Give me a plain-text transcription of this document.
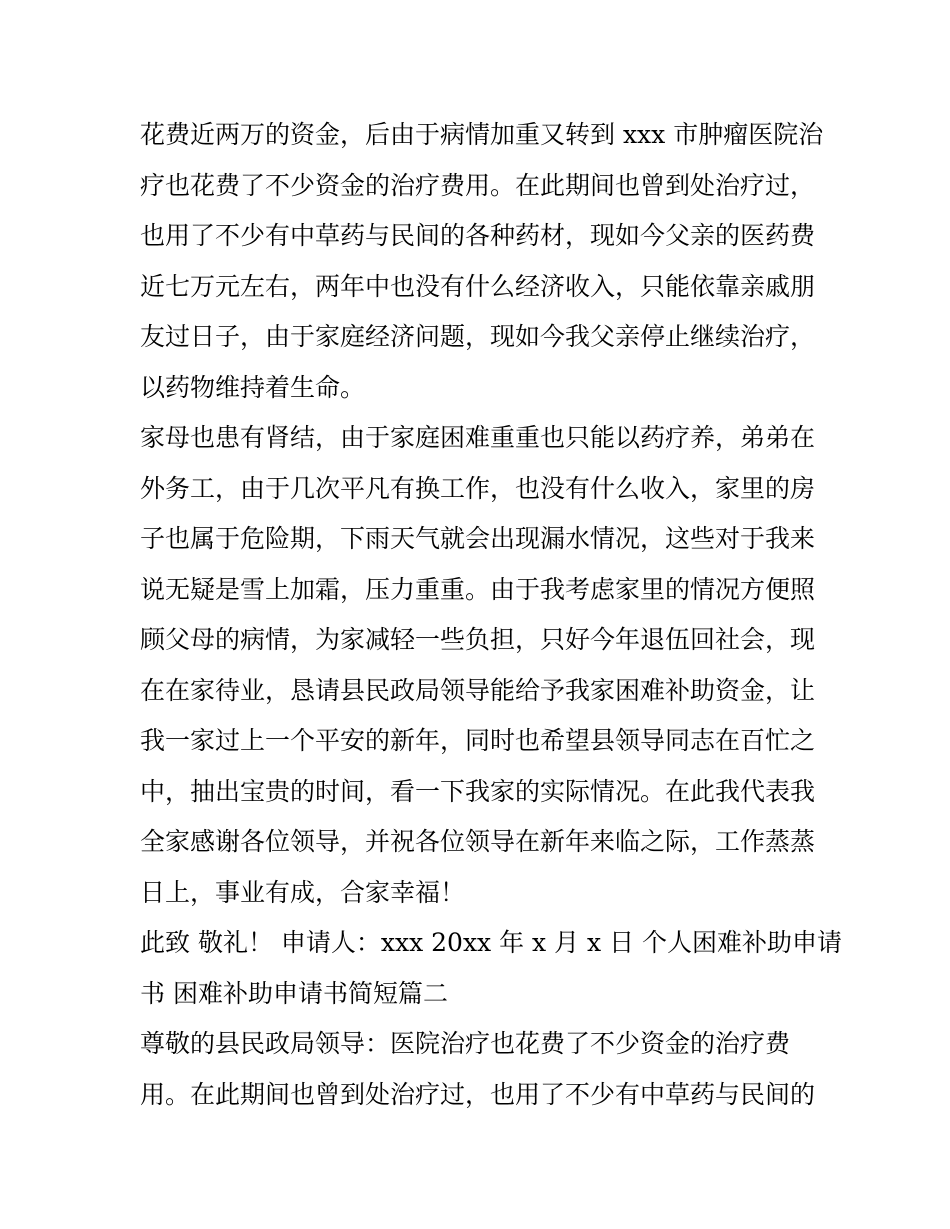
花费近两万的资金，后由于病情加重又转到 xxx 市肿瘤医院治
疗也花费了不少资金的治疗费用。在此期间也曾到处治疗过，
也用了不少有中草药与民间的各种药材，现如今父亲的医药费
近七万元左右，两年中也没有什么经济收入，只能依靠亲戚朋
友过日子，由于家庭经济问题，现如今我父亲停止继续治疗，
以药物维持着生命。
家母也患有肾结，由于家庭困难重重也只能以药疗养，弟弟在
外务工，由于几次平凡有换工作，也没有什么收入，家里的房
子也属于危险期，下雨天气就会出现漏水情况，这些对于我来
说无疑是雪上加霜，压力重重。由于我考虑家里的情况方便照
顾父母的病情，为家减轻一些负担，只好今年退伍回社会，现
在在家待业，恳请县民政局领导能给予我家困难补助资金，让
我一家过上一个平安的新年，同时也希望县领导同志在百忙之
中，抽出宝贵的时间，看一下我家的实际情况。在此我代表我
全家感谢各位领导，并祝各位领导在新年来临之际，工作蒸蒸
日上，事业有成，合家幸福！
此致 敬礼！ 申请人：xxx 20xx 年 x 月 x 日 个人困难补助申请
书 困难补助申请书简短篇二
尊敬的县民政局领导：医院治疗也花费了不少资金的治疗费
用。在此期间也曾到处治疗过，也用了不少有中草药与民间的
